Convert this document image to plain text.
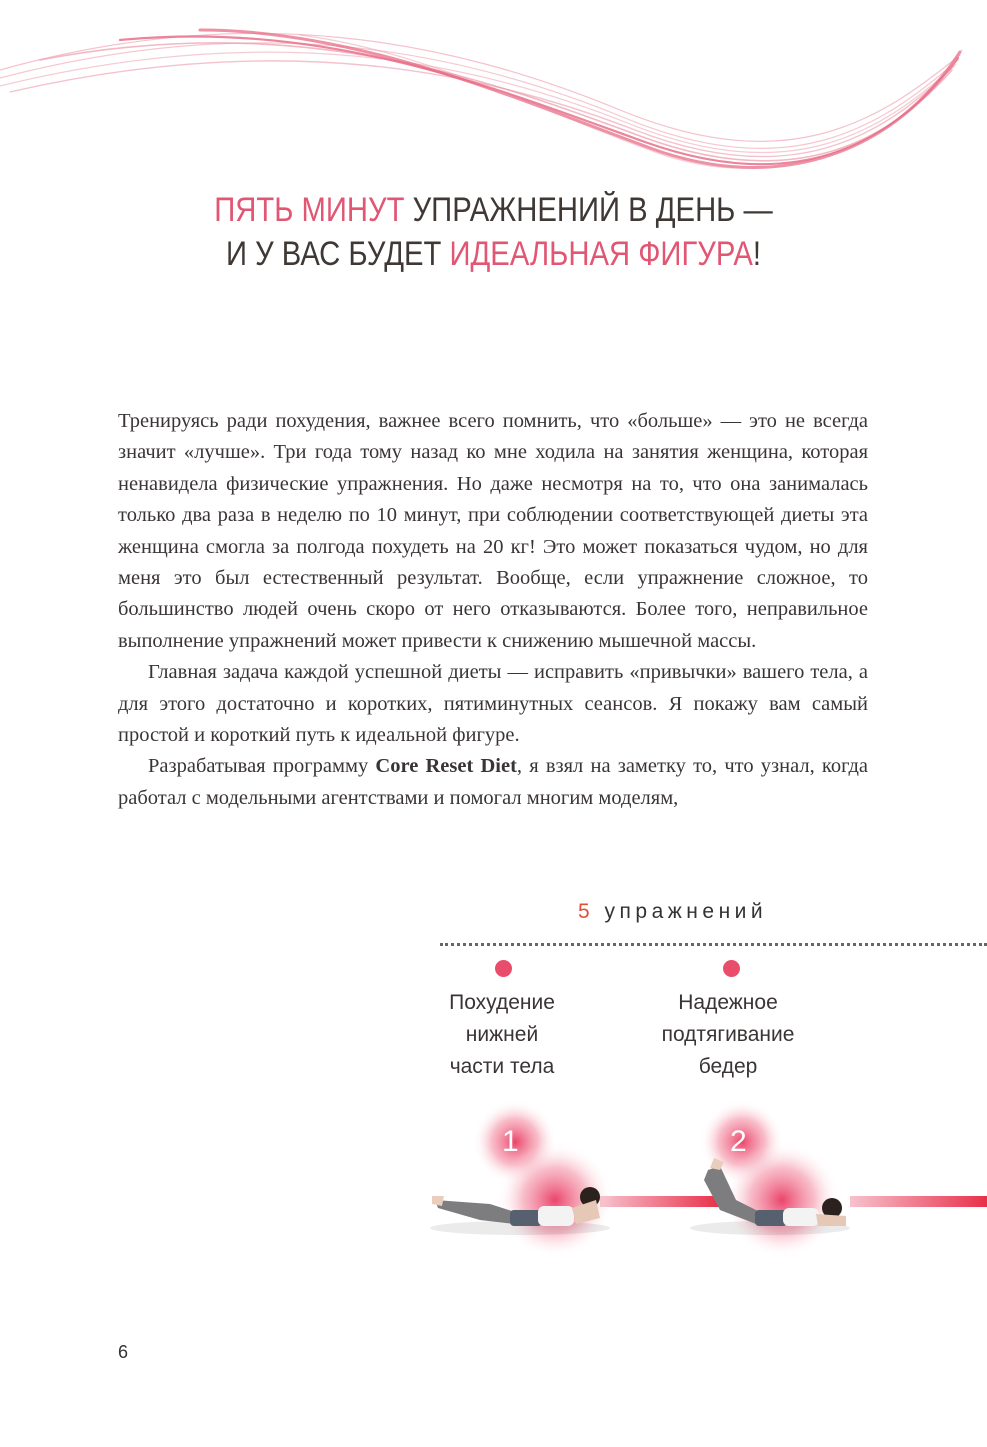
ПЯТЬ МИНУТ УПРАЖНЕНИЙ В ДЕНЬ —
И У ВАС БУДЕТ ИДЕАЛЬНАЯ ФИГУРА!

Тренируясь ради похудения, важнее всего помнить, что «больше» — это не всегда значит «лучше». Три года тому назад ко мне ходила на занятия женщина, которая ненавидела физические упражнения. Но даже несмотря на то, что она занималась только два раза в неделю по 10 минут, при соблюдении соответствующей диеты эта женщина смогла за полгода похудеть на 20 кг! Это может показаться чудом, но для меня это был естественный результат. Вообще, если упражнение сложное, то большинство людей очень скоро от него отказываются. Более того, неправильное выполнение упражнений может привести к снижению мышечной массы.

Главная задача каждой успешной диеты — исправить «привычки» вашего тела, а для этого достаточно и коротких, пятиминутных сеансов. Я покажу вам самый простой и короткий путь к идеальной фигуре.

Разрабатывая программу Core Reset Diet, я взял на заметку то, что узнал, когда работал с модельными агентствами и помогал многим моделям,

5 упражнений
Похудение
нижней
части тела
Надежное
подтягивание
бедер
1	2
6
